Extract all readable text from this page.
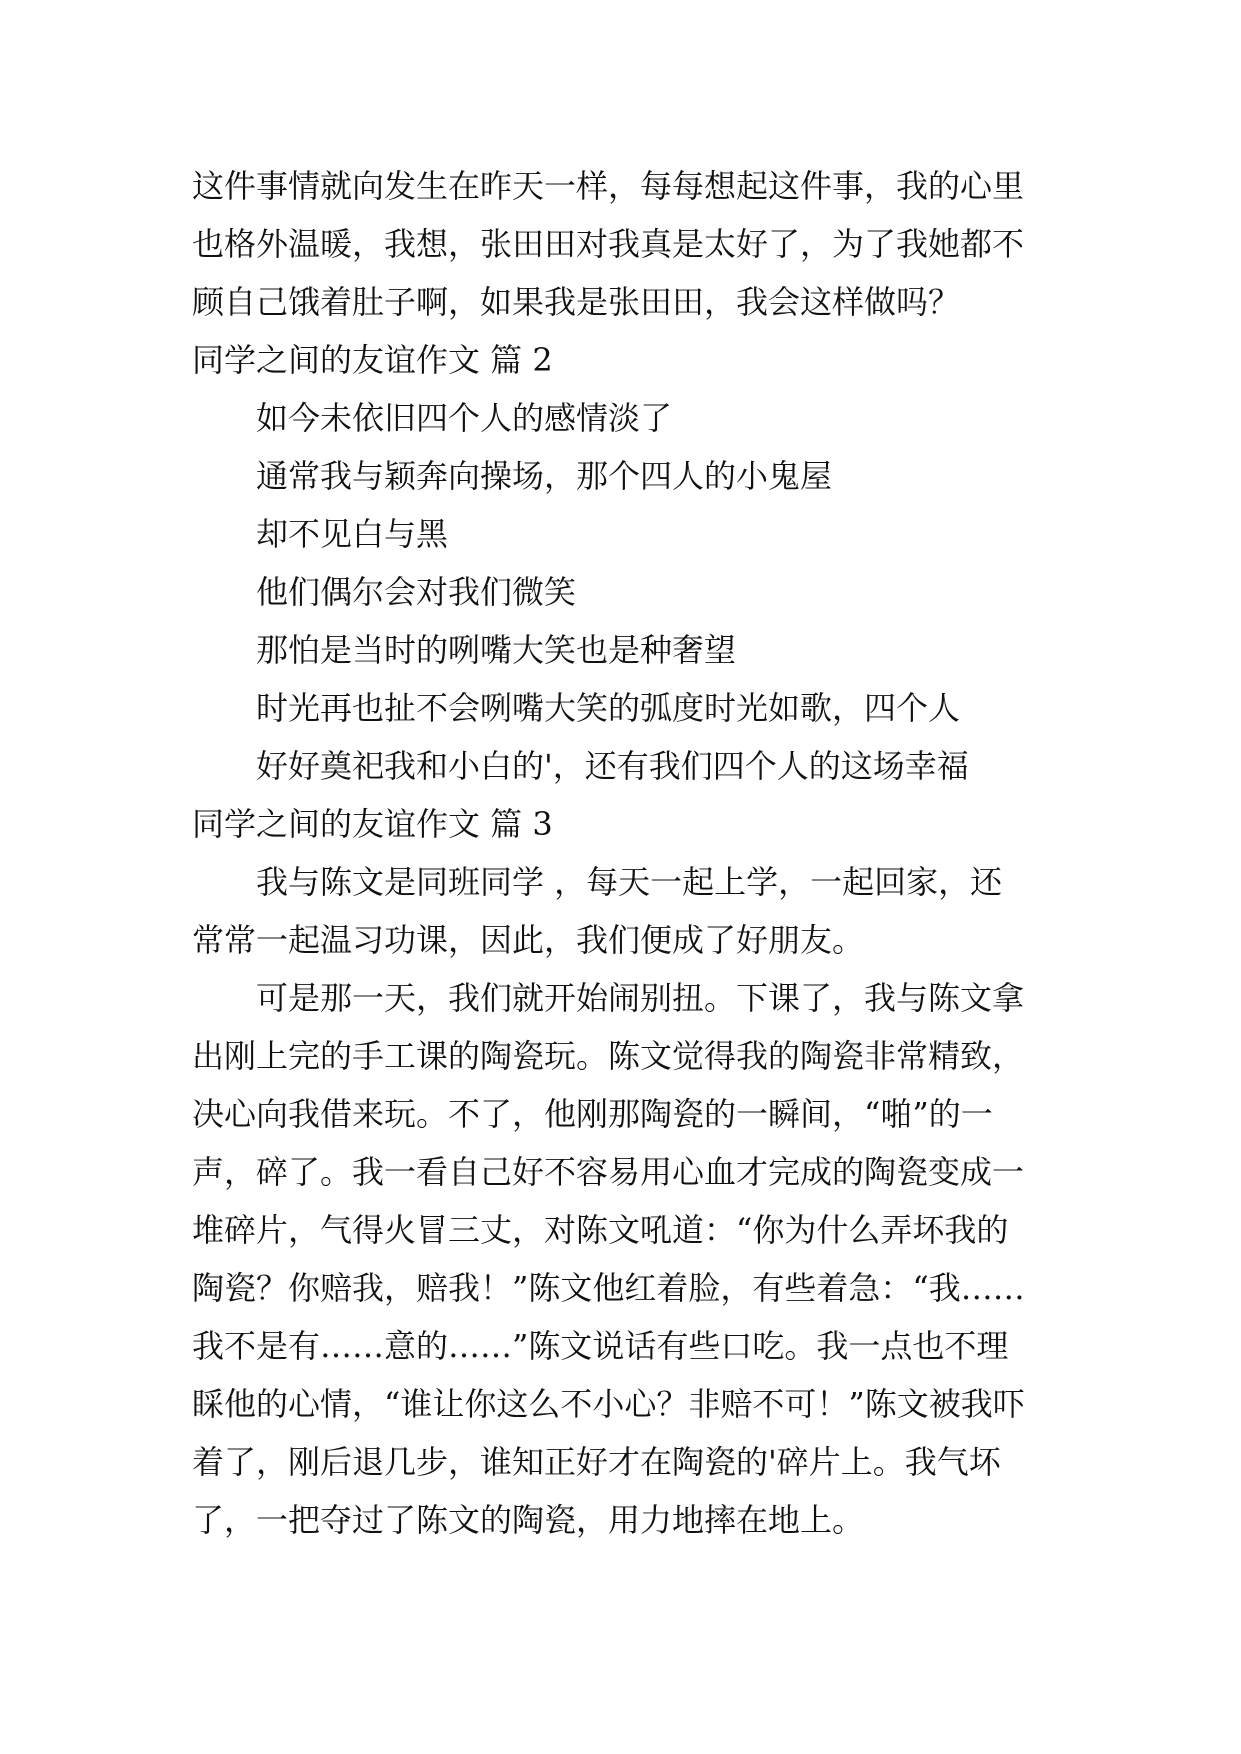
这件事情就向发生在昨天一样，每每想起这件事，我的心里
也格外温暖，我想，张田田对我真是太好了，为了我她都不
顾自己饿着肚子啊，如果我是张田田，我会这样做吗？
同学之间的友谊作文 篇 2
如今未依旧四个人的感情淡了
通常我与颖奔向操场，那个四人的小鬼屋
却不见白与黑
他们偶尔会对我们微笑
那怕是当时的咧嘴大笑也是种奢望
时光再也扯不会咧嘴大笑的弧度时光如歌，四个人
好好奠祀我和小白的'，还有我们四个人的这场幸福
同学之间的友谊作文 篇 3
我与陈文是同班同学 ，每天一起上学，一起回家，还
常常一起温习功课，因此，我们便成了好朋友。
可是那一天，我们就开始闹别扭。下课了，我与陈文拿
出刚上完的手工课的陶瓷玩。陈文觉得我的陶瓷非常精致，
决心向我借来玩。不了，他刚那陶瓷的一瞬间，“啪”的一
声，碎了。我一看自己好不容易用心血才完成的陶瓷变成一
堆碎片，气得火冒三丈，对陈文吼道：“你为什么弄坏我的
陶瓷？你赔我，赔我！”陈文他红着脸，有些着急：“我……
我不是有……意的……”陈文说话有些口吃。我一点也不理
睬他的心情，“谁让你这么不小心？非赔不可！”陈文被我吓
着了，刚后退几步，谁知正好才在陶瓷的'碎片上。我气坏
了，一把夺过了陈文的陶瓷，用力地摔在地上。
